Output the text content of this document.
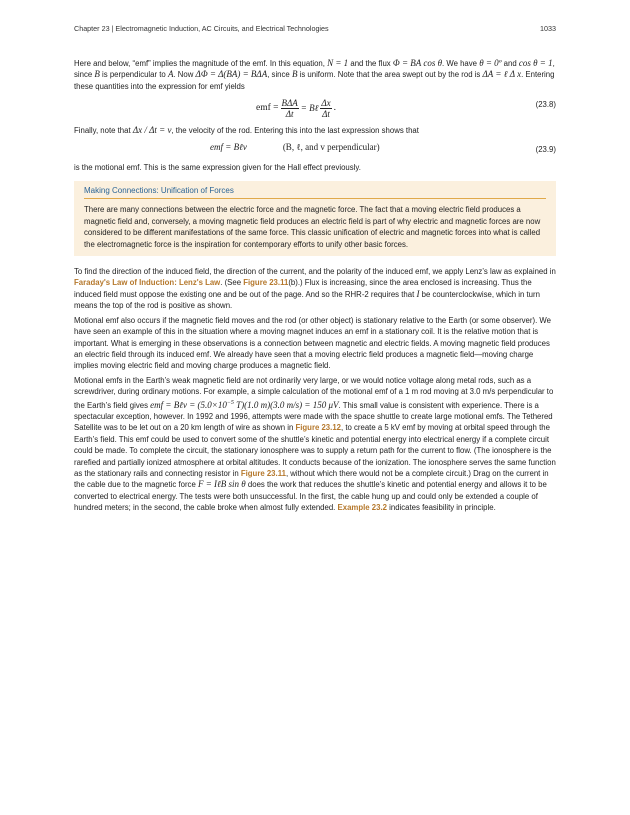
Chapter 23 | Electromagnetic Induction, AC Circuits, and Electrical Technologies	1033

Here and below, “emf” implies the magnitude of the emf. In this equation, N = 1 and the flux Φ = BA cos θ. We have θ = 0º and cos θ = 1, since B is perpendicular to A. Now ΔΦ = Δ(BA) = BΔA, since B is uniform. Note that the area swept out by the rod is ΔA = ℓ Δ x. Entering these quantities into the expression for emf yields

emf = $\frac{\text{BΔA}}{\Delta t}$ = Bℓ $\frac{\Delta x}{\Delta t}$ .	(23.8)

Finally, note that Δx / Δt = v, the velocity of the rod. Entering this into the last expression shows that

emf = Bℓv	(B, ℓ, and v perpendicular)	(23.9)

is the motional emf. This is the same expression given for the Hall effect previously.

Making Connections: Unification of Forces

There are many connections between the electric force and the magnetic force. The fact that a moving electric field produces a magnetic field and, conversely, a moving magnetic field produces an electric field is part of why electric and magnetic forces are now considered to be different manifestations of the same force. This classic unification of electric and magnetic forces into what is called the electromagnetic force is the inspiration for contemporary efforts to unify other basic forces.

To find the direction of the induced field, the direction of the current, and the polarity of the induced emf, we apply Lenz’s law as explained in Faraday's Law of Induction: Lenz's Law. (See Figure 23.11(b).) Flux is increasing, since the area enclosed is increasing. Thus the induced field must oppose the existing one and be out of the page. And so the RHR-2 requires that I be counterclockwise, which in turn means the top of the rod is positive as shown.

Motional emf also occurs if the magnetic field moves and the rod (or other object) is stationary relative to the Earth (or some observer). We have seen an example of this in the situation where a moving magnet induces an emf in a stationary coil. It is the relative motion that is important. What is emerging in these observations is a connection between magnetic and electric fields. A moving magnetic field produces an electric field through its induced emf. We already have seen that a moving electric field produces a magnetic field—moving charge implies moving electric field and moving charge produces a magnetic field.

Motional emfs in the Earth’s weak magnetic field are not ordinarily very large, or we would notice voltage along metal rods, such as a screwdriver, during ordinary motions. For example, a simple calculation of the motional emf of a 1 m rod moving at 3.0 m/s perpendicular to the Earth’s field gives emf = Bℓv = ($5.0\times 10^{-5}$ T)(1.0 m)(3.0 m/s) = 150 μV. This small value is consistent with experience. There is a spectacular exception, however. In 1992 and 1996, attempts were made with the space shuttle to create large motional emfs. The Tethered Satellite was to be let out on a 20 km length of wire as shown in Figure 23.12, to create a 5 kV emf by moving at orbital speed through the Earth’s field. This emf could be used to convert some of the shuttle’s kinetic and potential energy into electrical energy if a complete circuit could be made. To complete the circuit, the stationary ionosphere was to supply a return path for the current to flow. (The ionosphere is the rarefied and partially ionized atmosphere at orbital altitudes. It conducts because of the ionization. The ionosphere serves the same function as the stationary rails and connecting resistor in Figure 23.11, without which there would not be a complete circuit.) Drag on the current in the cable due to the magnetic force F = IℓB sin θ does the work that reduces the shuttle’s kinetic and potential energy and allows it to be converted to electrical energy. The tests were both unsuccessful. In the first, the cable hung up and could only be extended a couple of hundred meters; in the second, the cable broke when almost fully extended. Example 23.2 indicates feasibility in principle.
